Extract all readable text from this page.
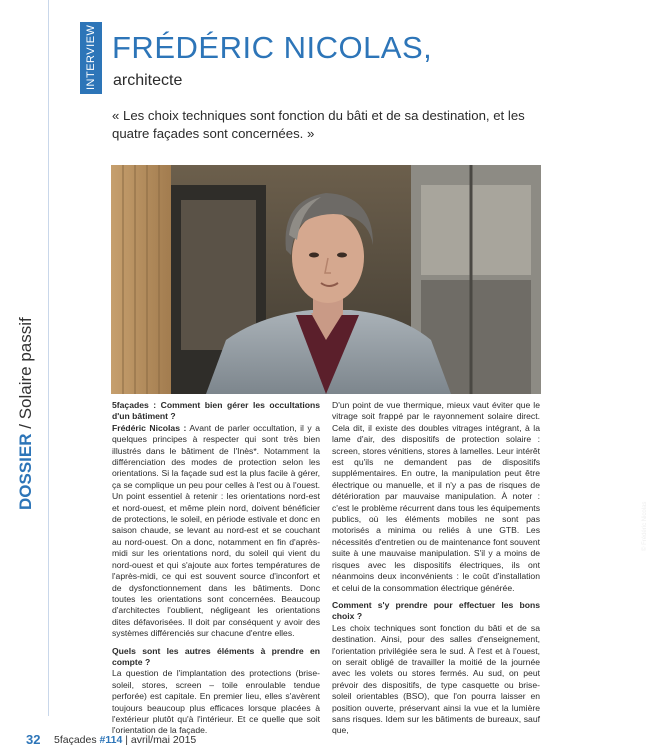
DOSSIER / Solaire passif
INTERVIEW FRÉDÉRIC NICOLAS,
architecte
« Les choix techniques sont fonction du bâti et de sa destination, et les quatre façades sont concernées. »
© Frédéric Nicolas

5façades : Comment bien gérer les occultations d'un bâtiment ?

Frédéric Nicolas : Avant de parler occultation, il y a quelques principes à respecter qui sont très bien illustrés dans le bâtiment de l'Inès*. Notamment la différenciation des modes de protection selon les orientations. Si la façade sud est la plus facile à gérer, ça se complique un peu pour celles à l'est ou à l'ouest. Un point essentiel à retenir : les orientations nord-est et nord-ouest, et même plein nord, doivent bénéficier de protections, le soleil, en période estivale et donc en saison chaude, se levant au nord-est et se couchant au nord-ouest. On a donc, notamment en fin d'après-midi sur les orientations nord, du soleil qui vient du nord-ouest et qui s'ajoute aux fortes températures de l'après-midi, ce qui est souvent source d'inconfort et de dysfonctionnement dans les bâtiments. Donc toutes les orientations sont concernées. Beaucoup d'architectes l'oublient, négligeant les orientations dites défavorisées. Il doit par conséquent y avoir des systèmes différenciés sur chacune d'entre elles.

Quels sont les autres éléments à prendre en compte ?

La question de l'implantation des protections (brise-soleil, stores, screen – toile enroulable tendue perforée) est capitale. En premier lieu, elles s'avèrent toujours beaucoup plus efficaces lorsque placées à l'extérieur plutôt qu'à l'intérieur. Et ce quelle que soit l'orientation de la façade.

D'un point de vue thermique, mieux vaut éviter que le vitrage soit frappé par le rayonnement solaire direct. Cela dit, il existe des doubles vitrages intégrant, à la lame d'air, des dispositifs de protection solaire : screen, stores vénitiens, stores à lamelles. Leur intérêt est qu'ils ne demandent pas de dispositifs supplémentaires. En outre, la manipulation peut être électrique ou manuelle, et il n'y a pas de risques de détérioration par mauvaise manipulation. À noter : c'est le problème récurrent dans tous les équipements publics, où les éléments mobiles ne sont pas motorisés a minima ou reliés à une GTB. Les nécessités d'entretien ou de maintenance font souvent suite à une mauvaise manipulation. S'il y a moins de risques avec les dispositifs électriques, ils ont néanmoins deux inconvénients : le coût d'installation et celui de la consommation électrique générée.

Comment s'y prendre pour effectuer les bons choix ?

Les choix techniques sont fonction du bâti et de sa destination. Ainsi, pour des salles d'enseignement, l'orientation privilégiée sera le sud. À l'est et à l'ouest, on serait obligé de travailler la moitié de la journée avec les volets ou stores fermés. Au sud, on peut prévoir des dispositifs, de type casquette ou brise-soleil orientables (BSO), que l'on pourra laisser en position ouverte, préservant ainsi la vue et la lumière sans risques. Idem sur les bâtiments de bureaux, sauf que,

32 5façades #114 | avril/mai 2015
